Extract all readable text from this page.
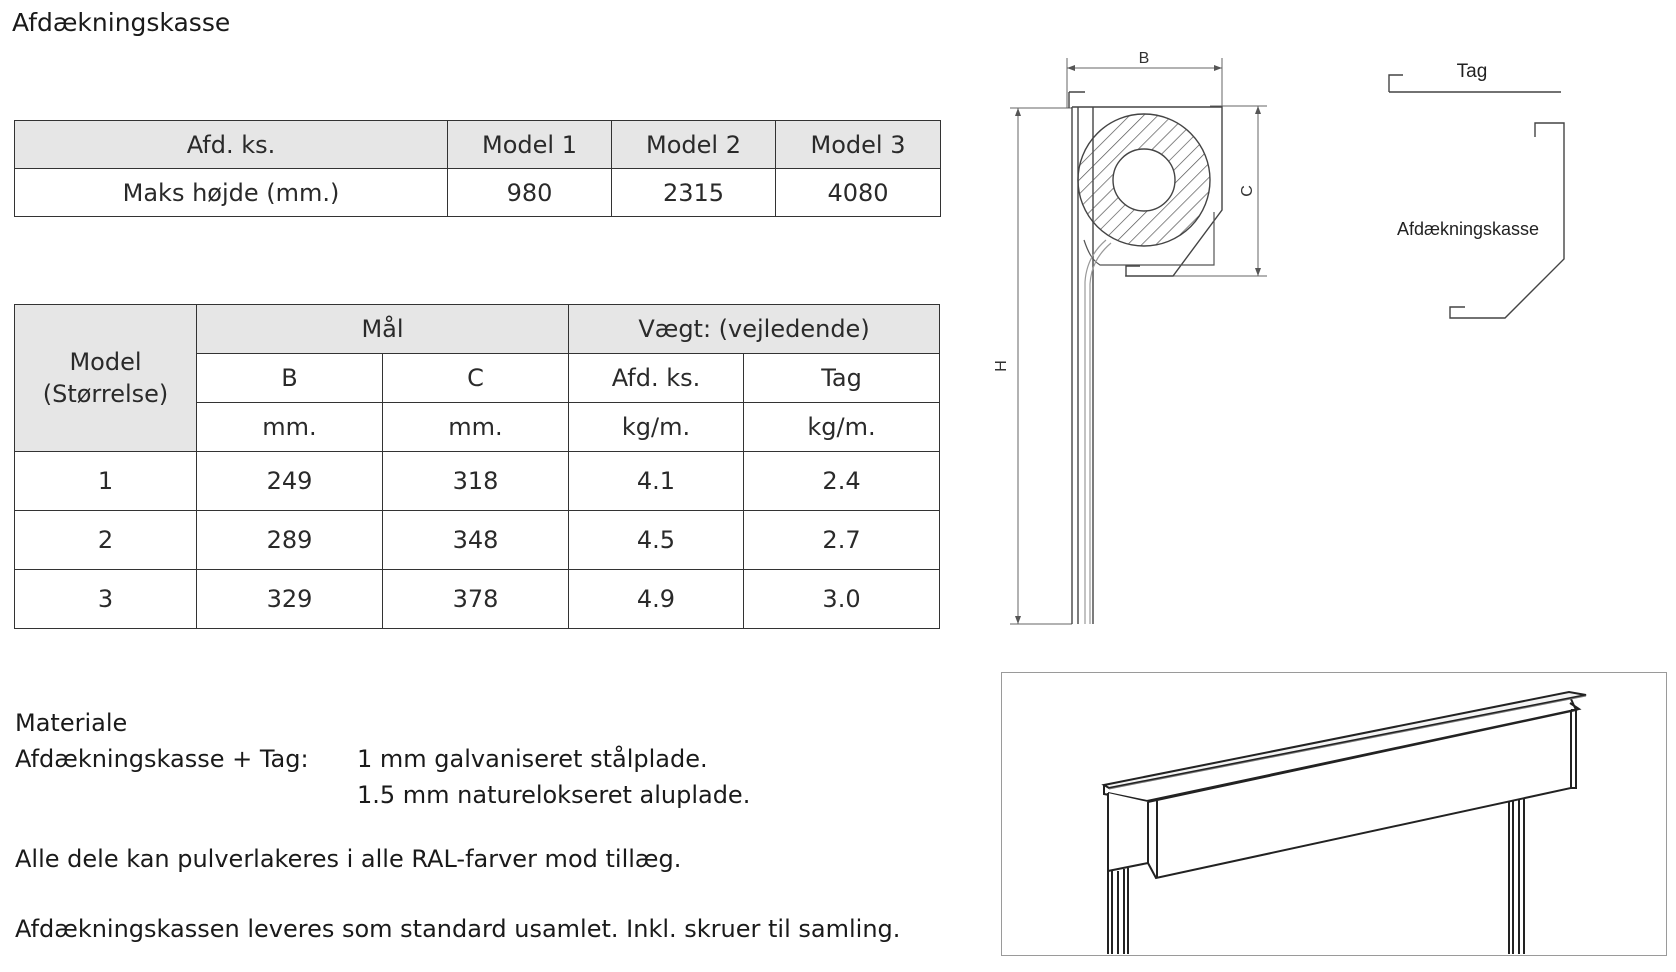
Afdækningskasse
Afd. ks.	Model 1	Model 2	Model 3
Maks højde (mm.)	980	2315	4080
Model
(Størrelse)	Mål		Vægt: (vejledende)	
	B	C	Afd. ks.	Tag
	mm.	mm.	kg/m.	kg/m.
1	249	318	4.1	2.4
2	289	348	4.5	2.7
3	329	378	4.9	3.0
Materiale
Afdækningskasse + Tag:	1 mm galvaniseret stålplade.
1.5 mm naturelokseret aluplade.
Alle dele kan pulverlakeres i alle RAL-farver mod tillæg.
Afdækningskassen leveres som standard usamlet. Inkl. skruer til samling.
B
C
H
Tag
Afdækningskasse
